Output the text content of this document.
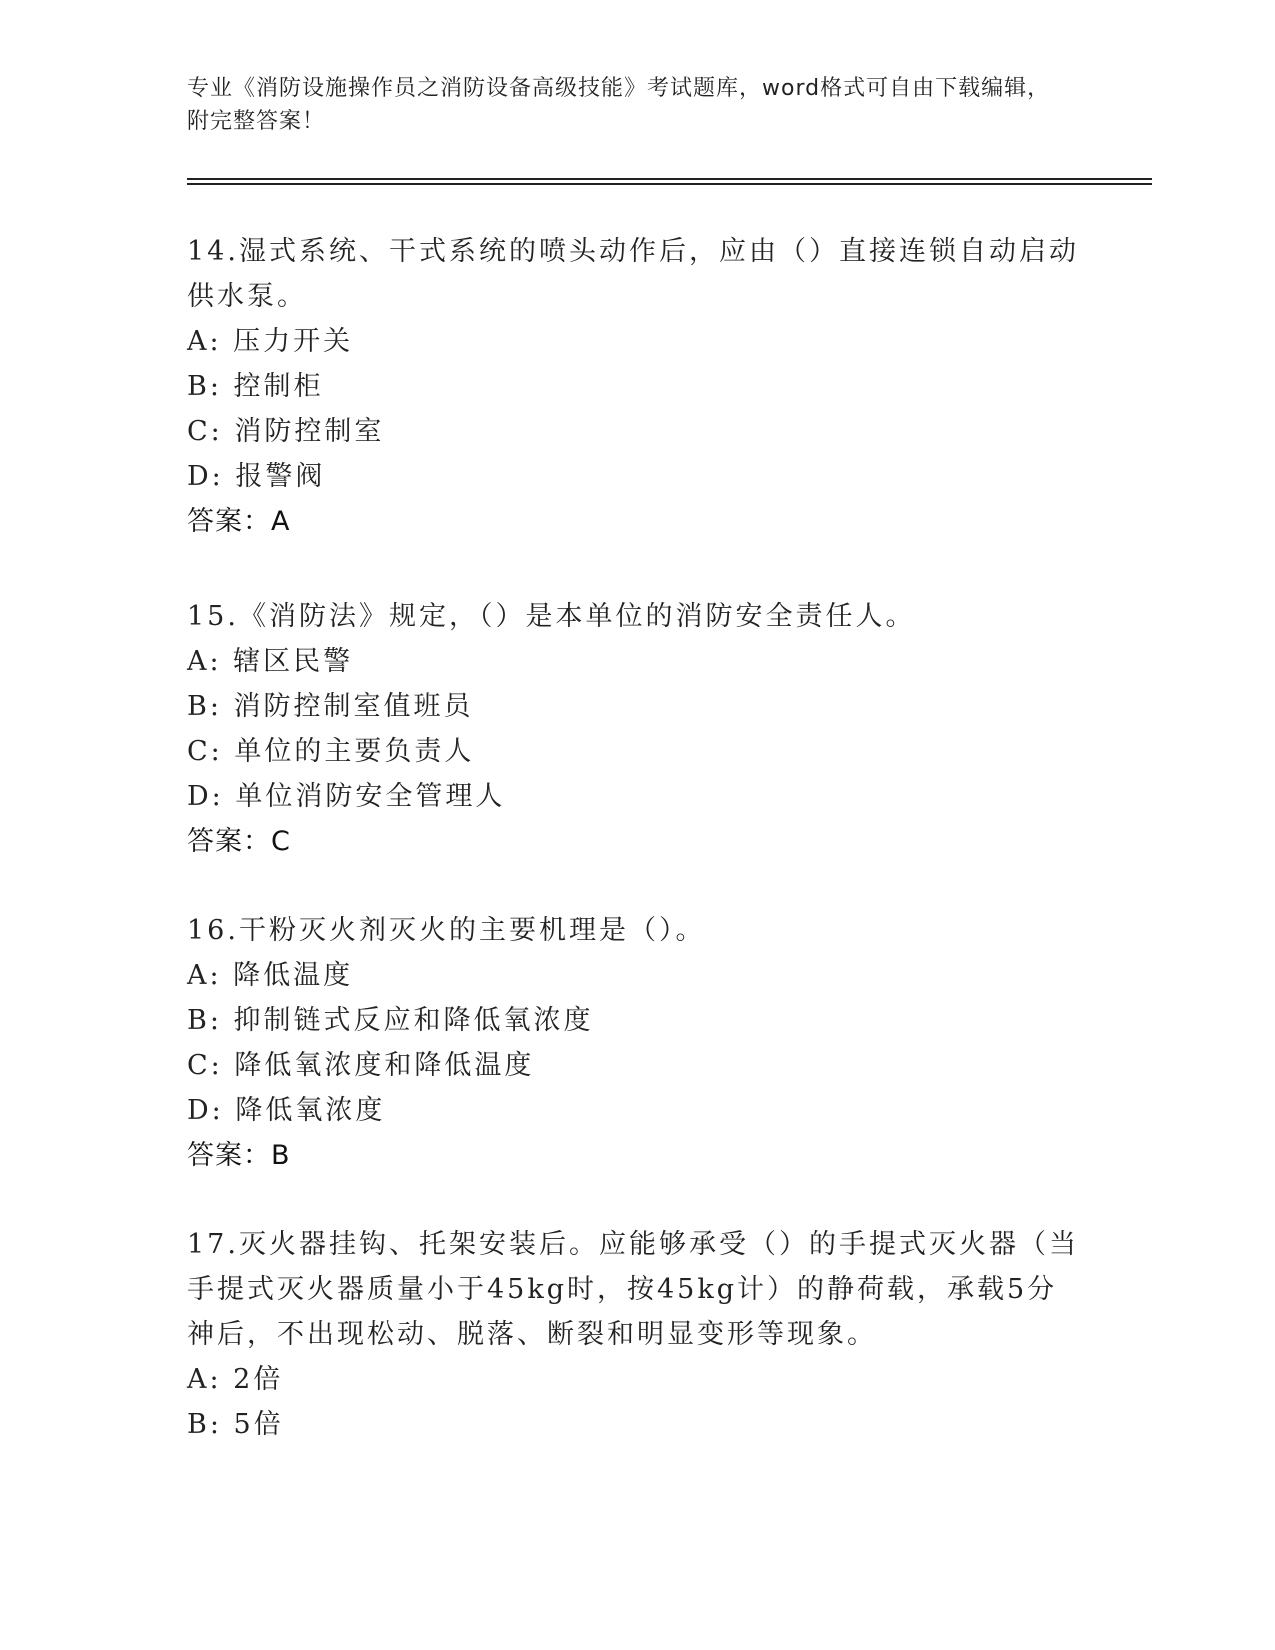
专业《消防设施操作员之消防设备高级技能》考试题库，word格式可自由下载编辑，附完整答案！
14.湿式系统、干式系统的喷头动作后，应由（）直接连锁自动启动供水泵。
A: 压力开关
B: 控制柜
C: 消防控制室
D: 报警阀
答案：A
15.《消防法》规定，（）是本单位的消防安全责任人。
A: 辖区民警
B: 消防控制室值班员
C: 单位的主要负责人
D: 单位消防安全管理人
答案：C
16.干粉灭火剂灭火的主要机理是（）。
A: 降低温度
B: 抑制链式反应和降低氧浓度
C: 降低氧浓度和降低温度
D: 降低氧浓度
答案：B
17.灭火器挂钩、托架安装后。应能够承受（）的手提式灭火器（当手提式灭火器质量小于45kg时，按45kg计）的静荷载，承载5分神后，不出现松动、脱落、断裂和明显变形等现象。
A: 2倍
B: 5倍
